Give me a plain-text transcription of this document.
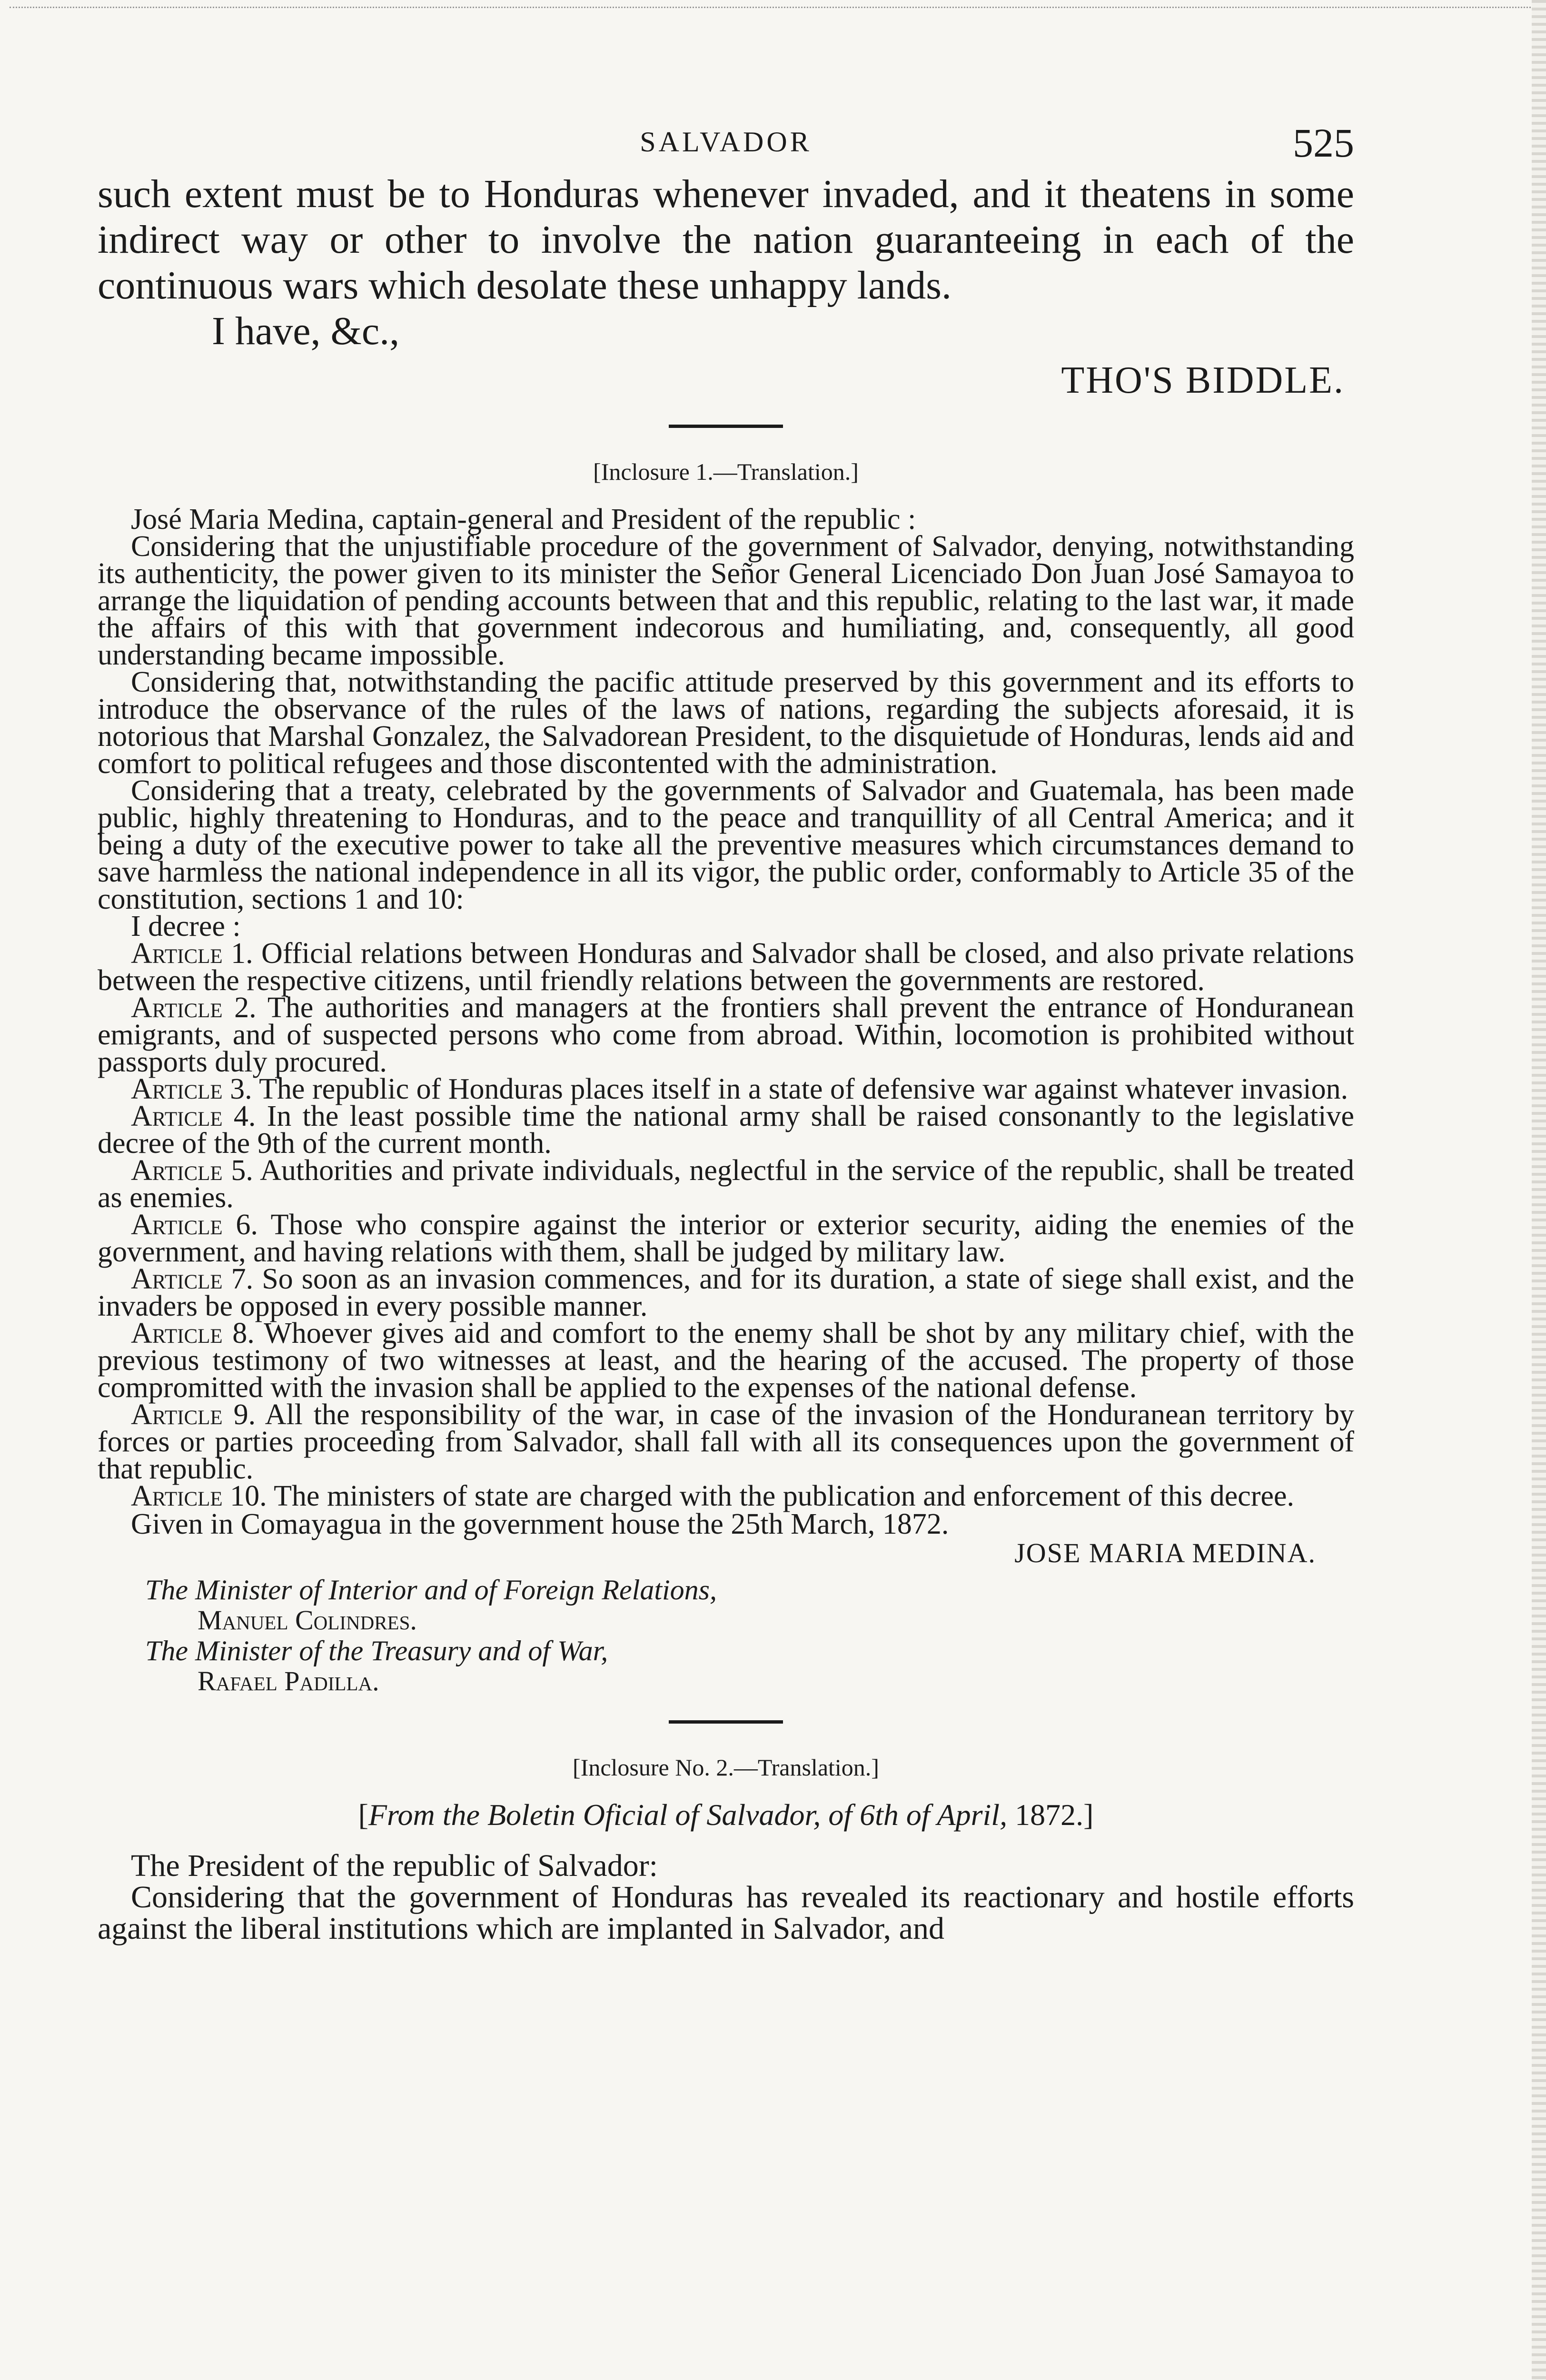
SALVADOR	525

such extent must be to Honduras whenever invaded, and it theatens in some indirect way or other to involve the nation guaranteeing in each of the continuous wars which desolate these unhappy lands.

I have, &c.,
THO'S BIDDLE.
[Inclosure 1.—Translation.]

José Maria Medina, captain-general and President of the republic :

Considering that the unjustifiable procedure of the government of Salvador, denying, notwithstanding its authenticity, the power given to its minister the Señor General Licenciado Don Juan José Samayoa to arrange the liquidation of pending accounts between that and this republic, relating to the last war, it made the affairs of this with that government indecorous and humiliating, and, consequently, all good understanding became impossible.

Considering that, notwithstanding the pacific attitude preserved by this government and its efforts to introduce the observance of the rules of the laws of nations, regarding the subjects aforesaid, it is notorious that Marshal Gonzalez, the Salvadorean President, to the disquietude of Honduras, lends aid and comfort to political refugees and those discontented with the administration.

Considering that a treaty, celebrated by the governments of Salvador and Guatemala, has been made public, highly threatening to Honduras, and to the peace and tranquillity of all Central America; and it being a duty of the executive power to take all the preventive measures which circumstances demand to save harmless the national independence in all its vigor, the public order, conformably to Article 35 of the constitution, sections 1 and 10:

I decree :

Article 1. Official relations between Honduras and Salvador shall be closed, and also private relations between the respective citizens, until friendly relations between the governments are restored.

Article 2. The authorities and managers at the frontiers shall prevent the entrance of Honduranean emigrants, and of suspected persons who come from abroad. Within, locomotion is prohibited without passports duly procured.

Article 3. The republic of Honduras places itself in a state of defensive war against whatever invasion.

Article 4. In the least possible time the national army shall be raised consonantly to the legislative decree of the 9th of the current month.

Article 5. Authorities and private individuals, neglectful in the service of the republic, shall be treated as enemies.

Article 6. Those who conspire against the interior or exterior security, aiding the enemies of the government, and having relations with them, shall be judged by military law.

Article 7. So soon as an invasion commences, and for its duration, a state of siege shall exist, and the invaders be opposed in every possible manner.

Article 8. Whoever gives aid and comfort to the enemy shall be shot by any military chief, with the previous testimony of two witnesses at least, and the hearing of the accused. The property of those compromitted with the invasion shall be applied to the expenses of the national defense.

Article 9. All the responsibility of the war, in case of the invasion of the Honduranean territory by forces or parties proceeding from Salvador, shall fall with all its consequences upon the government of that republic.

Article 10. The ministers of state are charged with the publication and enforcement of this decree.

Given in Comayagua in the government house the 25th March, 1872.
JOSE MARIA MEDINA.
The Minister of Interior and of Foreign Relations,
Manuel Colindres.
The Minister of the Treasury and of War,
Rafael Padilla.
[Inclosure No. 2.—Translation.]
[From the Boletin Oficial of Salvador, of 6th of April, 1872.]

The President of the republic of Salvador:

Considering that the government of Honduras has revealed its reactionary and hostile efforts against the liberal institutions which are implanted in Salvador, and
